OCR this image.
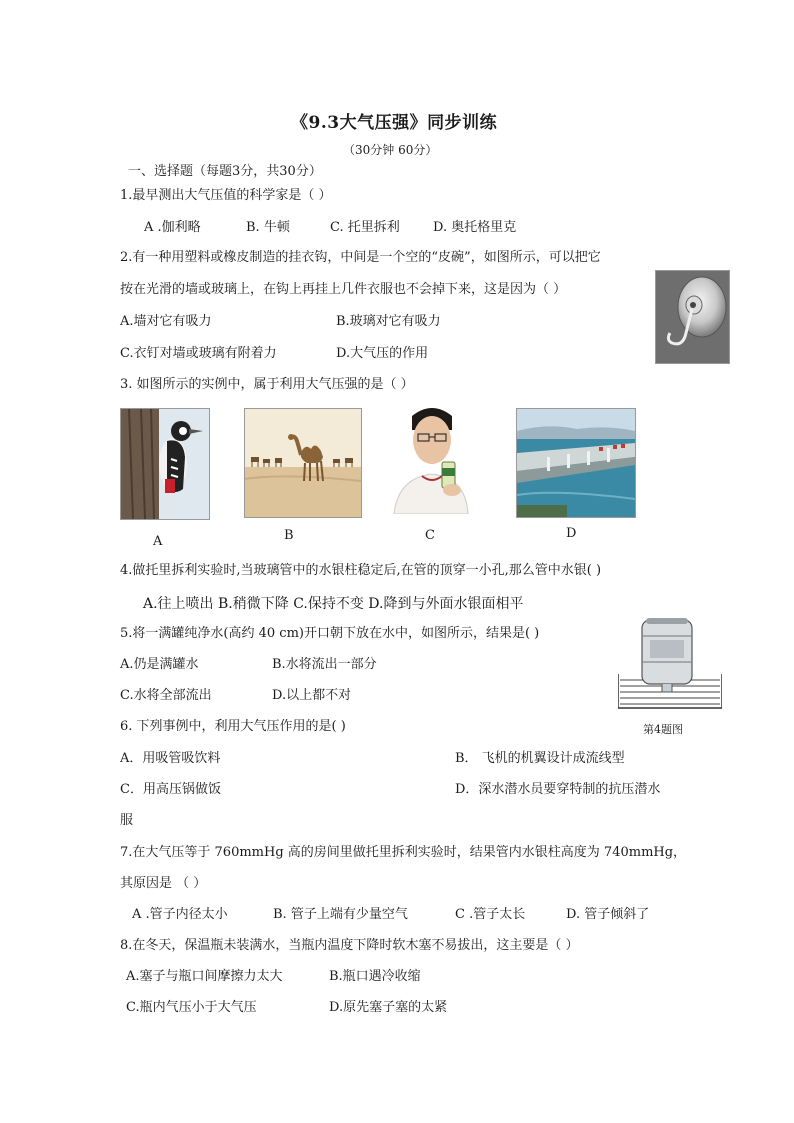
《9.3大气压强》同步训练
（30分钟 60分）
一、选择题（每题3分，共30分）
1.最早测出大气压值的科学家是（ ）
A .伽利略	B. 牛顿	C. 托里拆利	D. 奥托格里克
2.有一种用塑料或橡皮制造的挂衣钩，中间是一个空的“皮碗”，如图所示，可以把它
按在光滑的墙或玻璃上，在钩上再挂上几件衣服也不会掉下来，这是因为（ ）
A.墙对它有吸力	B.玻璃对它有吸力
C.衣钉对墙或玻璃有附着力	D.大气压的作用
3. 如图所示的实例中，属于利用大气压强的是（ ）
A	B	C	D
4.做托里拆利实验时,当玻璃管中的水银柱稳定后,在管的顶穿一小孔,那么管中水银( )
A.往上喷出 B.稍微下降 C.保持不变 D.降到与外面水银面相平
5.将一满罐纯净水(高约 40 cm)开口朝下放在水中，如图所示，结果是( )
A.仍是满罐水	B.水将流出一部分
C.水将全部流出	D.以上都不对
第4题图
6. 下列事例中，利用大气压作用的是( )
A．用吸管吸饮料	B． 飞机的机翼设计成流线型
C．用高压锅做饭	D．深水潜水员要穿特制的抗压潜水
服
7.在大气压等于 760mmHg 高的房间里做托里拆利实验时，结果管内水银柱高度为 740mmHg，
其原因是 （ ）
A .管子内径太小	B. 管子上端有少量空气	C .管子太长	D. 管子倾斜了
8.在冬天，保温瓶未装满水，当瓶内温度下降时软木塞不易拔出，这主要是（ ）
A.塞子与瓶口间摩擦力太大	B.瓶口遇冷收缩
C.瓶内气压小于大气压	D.原先塞子塞的太紧
